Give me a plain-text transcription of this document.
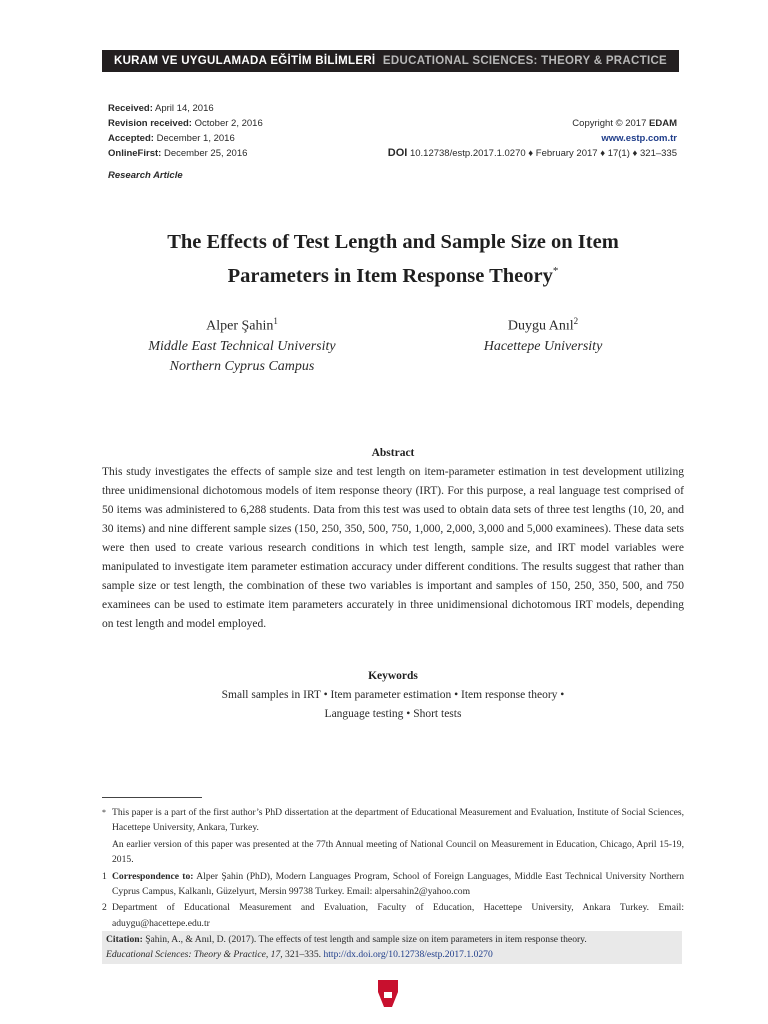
KURAM VE UYGULAMADA EĞİTİM BİLİMLERİ EDUCATIONAL SCIENCES: THEORY & PRACTICE
Received: April 14, 2016
Revision received: October 2, 2016
Accepted: December 1, 2016
OnlineFirst: December 25, 2016
Copyright © 2017 EDAM
www.estp.com.tr
DOI 10.12738/estp.2017.1.0270 ♦ February 2017 ♦ 17(1) ♦ 321–335
Research Article
The Effects of Test Length and Sample Size on Item
Parameters in Item Response Theory*
Alper Şahin$^1$
Middle East Technical University
Northern Cyprus Campus
Duygu Anıl$^2$
Hacettepe University
Abstract
This study investigates the effects of sample size and test length on item-parameter estimation in test development utilizing three unidimensional dichotomous models of item response theory (IRT). For this purpose, a real language test comprised of 50 items was administered to 6,288 students. Data from this test was used to obtain data sets of three test lengths (10, 20, and 30 items) and nine different sample sizes (150, 250, 350, 500, 750, 1,000, 2,000, 3,000 and 5,000 examinees). These data sets were then used to create various research conditions in which test length, sample size, and IRT model variables were manipulated to investigate item parameter estimation accuracy under different conditions. The results suggest that rather than sample size or test length, the combination of these two variables is important and samples of 150, 250, 350, 500, and 750 examinees can be used to estimate item parameters accurately in three unidimensional dichotomous IRT models, depending on test length and model employed.
Keywords
Small samples in IRT • Item parameter estimation • Item response theory •
Language testing • Short tests
* This paper is a part of the first author’s PhD dissertation at the department of Educational Measurement and Evaluation, Institute of Social Sciences, Hacettepe University, Ankara, Turkey.
An earlier version of this paper was presented at the 77th Annual meeting of National Council on Measurement in Education, Chicago, April 15-19, 2015.
1 Correspondence to: Alper Şahin (PhD), Modern Languages Program, School of Foreign Languages, Middle East Technical University Northern Cyprus Campus, Kalkanlı, Güzelyurt, Mersin 99738 Turkey. Email: alpersahin2@yahoo.com
2 Department of Educational Measurement and Evaluation, Faculty of Education, Hacettepe University, Ankara Turkey. Email: aduygu@hacettepe.edu.tr
Citation: Şahin, A., & Anıl, D. (2017). The effects of test length and sample size on item parameters in item response theory.
Educational Sciences: Theory & Practice, 17, 321–335. http://dx.doi.org/10.12738/estp.2017.1.0270
